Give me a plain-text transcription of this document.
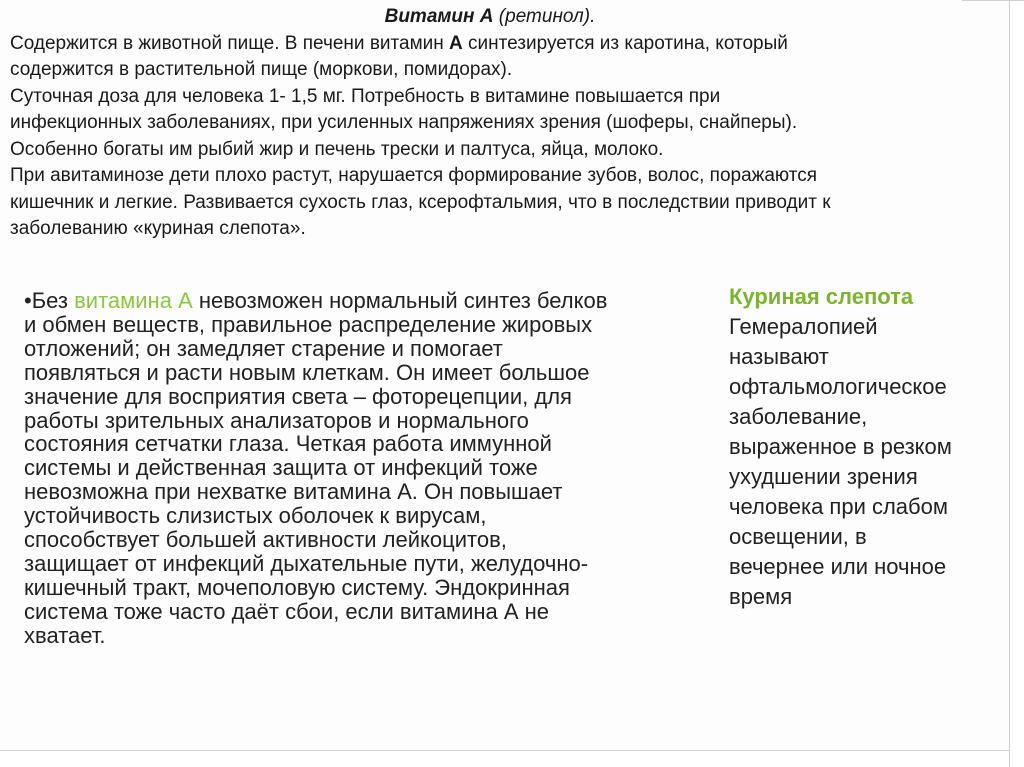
Витамин А (ретинол).

Содержится в животной пище. В печени витамин А синтезируется из каротина, который

содержится в растительной пище (моркови, помидорах).

Суточная доза для человека 1- 1,5 мг. Потребность в витамине повышается при

инфекционных заболеваниях, при усиленных напряжениях зрения (шоферы, снайперы).

Особенно богаты им рыбий жир и печень трески и палтуса, яйца, молоко.

При авитаминозе дети плохо растут, нарушается формирование зубов, волос, поражаются

кишечник и легкие. Развивается сухость глаз, ксерофтальмия, что в последствии приводит к

заболеванию «куриная слепота».

•Без витамина А невозможен нормальный синтез белков

и обмен веществ, правильное распределение жировых

отложений; он замедляет старение и помогает

появляться и расти новым клеткам. Он имеет большое

значение для восприятия света – фоторецепции, для

работы зрительных анализаторов и нормального

состояния сетчатки глаза. Четкая работа иммунной

системы и действенная защита от инфекций тоже

невозможна при нехватке витамина А. Он повышает

устойчивость слизистых оболочек к вирусам,

способствует большей активности лейкоцитов,

защищает от инфекций дыхательные пути, желудочно-

кишечный тракт, мочеполовую систему. Эндокринная

система тоже часто даёт сбои, если витамина А не

хватает.

Куриная слепота

Гемералопией

называют

офтальмологическое

заболевание,

выраженное в резком

ухудшении зрения

человека при слабом

освещении, в

вечернее или ночное

время
